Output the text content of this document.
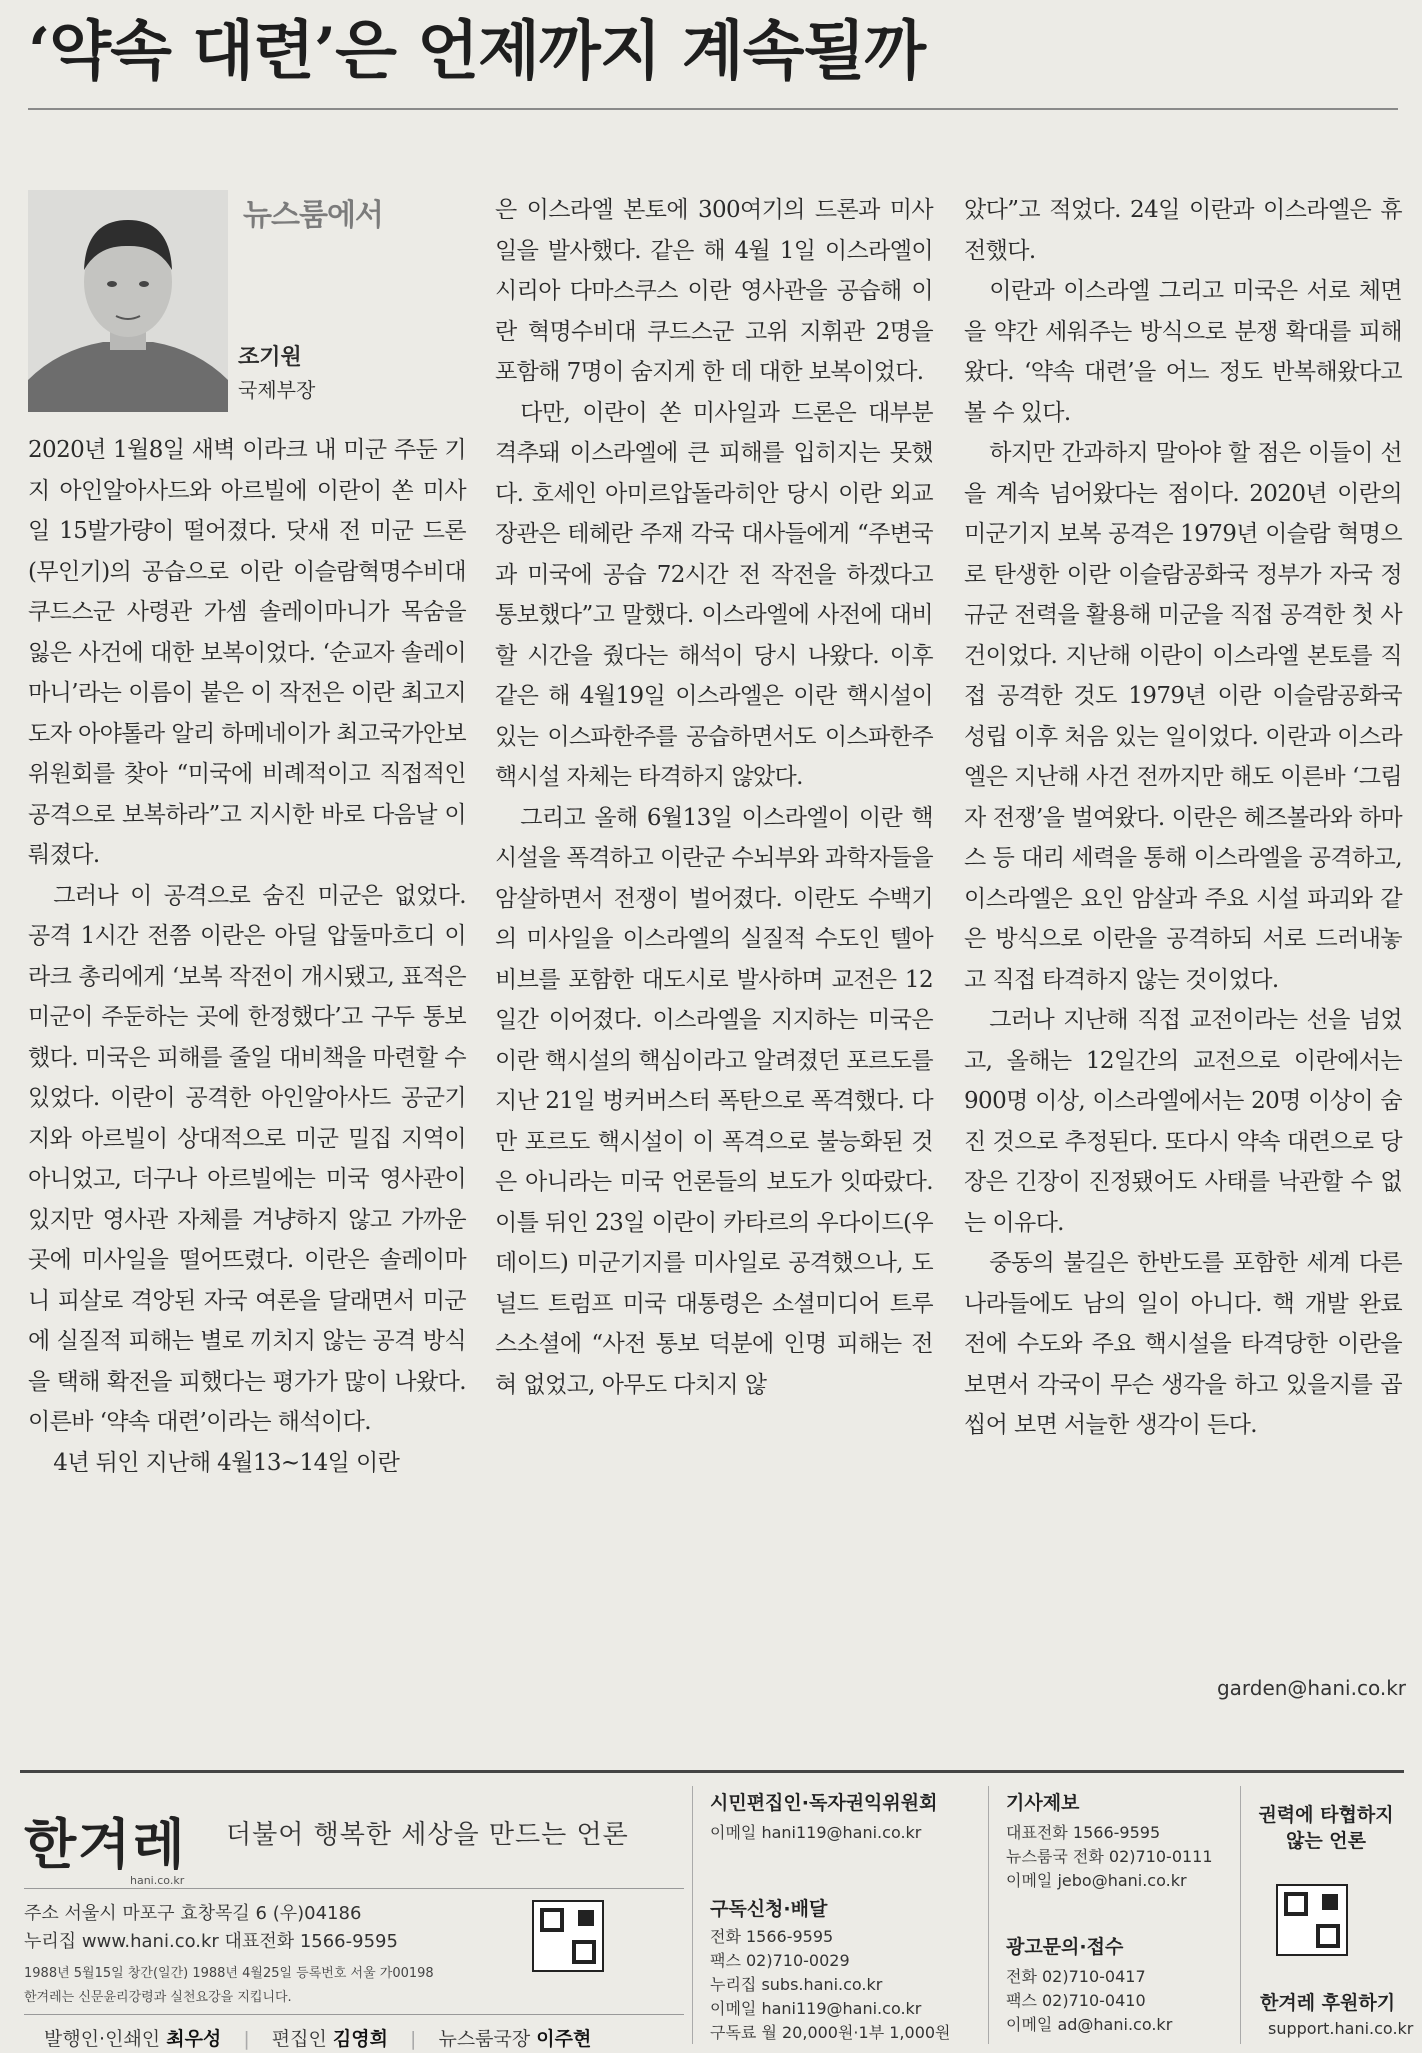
‘약속 대련’은 언제까지 계속될까
뉴스룸에서
조기원
국제부장

2020년 1월8일 새벽 이라크 내 미군 주둔 기지 아인알아사드와 아르빌에 이란이 쏜 미사일 15발가량이 떨어졌다. 닷새 전 미군 드론(무인기)의 공습으로 이란 이슬람혁명수비대 쿠드스군 사령관 가셈 솔레이마니가 목숨을 잃은 사건에 대한 보복이었다. ‘순교자 솔레이마니’라는 이름이 붙은 이 작전은 이란 최고지도자 아야톨라 알리 하메네이가 최고국가안보위원회를 찾아 “미국에 비례적이고 직접적인 공격으로 보복하라”고 지시한 바로 다음날 이뤄졌다.

그러나 이 공격으로 숨진 미군은 없었다. 공격 1시간 전쯤 이란은 아딜 압둘마흐디 이라크 총리에게 ‘보복 작전이 개시됐고, 표적은 미군이 주둔하는 곳에 한정했다’고 구두 통보했다. 미국은 피해를 줄일 대비책을 마련할 수 있었다. 이란이 공격한 아인알아사드 공군기지와 아르빌이 상대적으로 미군 밀집 지역이 아니었고, 더구나 아르빌에는 미국 영사관이 있지만 영사관 자체를 겨냥하지 않고 가까운 곳에 미사일을 떨어뜨렸다. 이란은 솔레이마니 피살로 격앙된 자국 여론을 달래면서 미군에 실질적 피해는 별로 끼치지 않는 공격 방식을 택해 확전을 피했다는 평가가 많이 나왔다. 이른바 ‘약속 대련’이라는 해석이다.

4년 뒤인 지난해 4월13~14일 이란

은 이스라엘 본토에 300여기의 드론과 미사일을 발사했다. 같은 해 4월 1일 이스라엘이 시리아 다마스쿠스 이란 영사관을 공습해 이란 혁명수비대 쿠드스군 고위 지휘관 2명을 포함해 7명이 숨지게 한 데 대한 보복이었다.

다만, 이란이 쏜 미사일과 드론은 대부분 격추돼 이스라엘에 큰 피해를 입히지는 못했다. 호세인 아미르압돌라히안 당시 이란 외교장관은 테헤란 주재 각국 대사들에게 “주변국과 미국에 공습 72시간 전 작전을 하겠다고 통보했다”고 말했다. 이스라엘에 사전에 대비할 시간을 줬다는 해석이 당시 나왔다. 이후 같은 해 4월19일 이스라엘은 이란 핵시설이 있는 이스파한주를 공습하면서도 이스파한주 핵시설 자체는 타격하지 않았다.

그리고 올해 6월13일 이스라엘이 이란 핵시설을 폭격하고 이란군 수뇌부와 과학자들을 암살하면서 전쟁이 벌어졌다. 이란도 수백기의 미사일을 이스라엘의 실질적 수도인 텔아비브를 포함한 대도시로 발사하며 교전은 12일간 이어졌다. 이스라엘을 지지하는 미국은 이란 핵시설의 핵심이라고 알려졌던 포르도를 지난 21일 벙커버스터 폭탄으로 폭격했다. 다만 포르도 핵시설이 이 폭격으로 불능화된 것은 아니라는 미국 언론들의 보도가 잇따랐다. 이틀 뒤인 23일 이란이 카타르의 우다이드(우데이드) 미군기지를 미사일로 공격했으나, 도널드 트럼프 미국 대통령은 소셜미디어 트루스소셜에 “사전 통보 덕분에 인명 피해는 전혀 없었고, 아무도 다치지 않

았다”고 적었다. 24일 이란과 이스라엘은 휴전했다.

이란과 이스라엘 그리고 미국은 서로 체면을 약간 세워주는 방식으로 분쟁 확대를 피해왔다. ‘약속 대련’을 어느 정도 반복해왔다고 볼 수 있다.

하지만 간과하지 말아야 할 점은 이들이 선을 계속 넘어왔다는 점이다. 2020년 이란의 미군기지 보복 공격은 1979년 이슬람 혁명으로 탄생한 이란 이슬람공화국 정부가 자국 정규군 전력을 활용해 미군을 직접 공격한 첫 사건이었다. 지난해 이란이 이스라엘 본토를 직접 공격한 것도 1979년 이란 이슬람공화국 성립 이후 처음 있는 일이었다. 이란과 이스라엘은 지난해 사건 전까지만 해도 이른바 ‘그림자 전쟁’을 벌여왔다. 이란은 헤즈볼라와 하마스 등 대리 세력을 통해 이스라엘을 공격하고, 이스라엘은 요인 암살과 주요 시설 파괴와 같은 방식으로 이란을 공격하되 서로 드러내놓고 직접 타격하지 않는 것이었다.

그러나 지난해 직접 교전이라는 선을 넘었고, 올해는 12일간의 교전으로 이란에서는 900명 이상, 이스라엘에서는 20명 이상이 숨진 것으로 추정된다. 또다시 약속 대련으로 당장은 긴장이 진정됐어도 사태를 낙관할 수 없는 이유다.

중동의 불길은 한반도를 포함한 세계 다른 나라들에도 남의 일이 아니다. 핵 개발 완료 전에 수도와 주요 핵시설을 타격당한 이란을 보면서 각국이 무슨 생각을 하고 있을지를 곱씹어 보면 서늘한 생각이 든다.

garden@hani.co.kr
한겨레
hani.co.kr
더불어 행복한 세상을 만드는 언론
주소 서울시 마포구 효창목길 6 (우)04186
누리집 www.hani.co.kr 대표전화 1566-9595
1988년 5월15일 창간(일간) 1988년 4월25일 등록번호 서울 가00198
한겨레는 신문윤리강령과 실천요강을 지킵니다.
발행인·인쇄인 최우성 | 편집인 김영희 | 뉴스룸국장 이주현
시민편집인·독자권익위원회
이메일 hani119@hani.co.kr
구독신청·배달
전화 1566-9595
팩스 02)710-0029
누리집 subs.hani.co.kr
이메일 hani119@hani.co.kr
구독료 월 20,000원·1부 1,000원
기사제보
대표전화 1566-9595
뉴스룸국 전화 02)710-0111
이메일 jebo@hani.co.kr
광고문의·접수
전화 02)710-0417
팩스 02)710-0410
이메일 ad@hani.co.kr
권력에 타협하지 않는 언론
한겨레 후원하기
support.hani.co.kr
